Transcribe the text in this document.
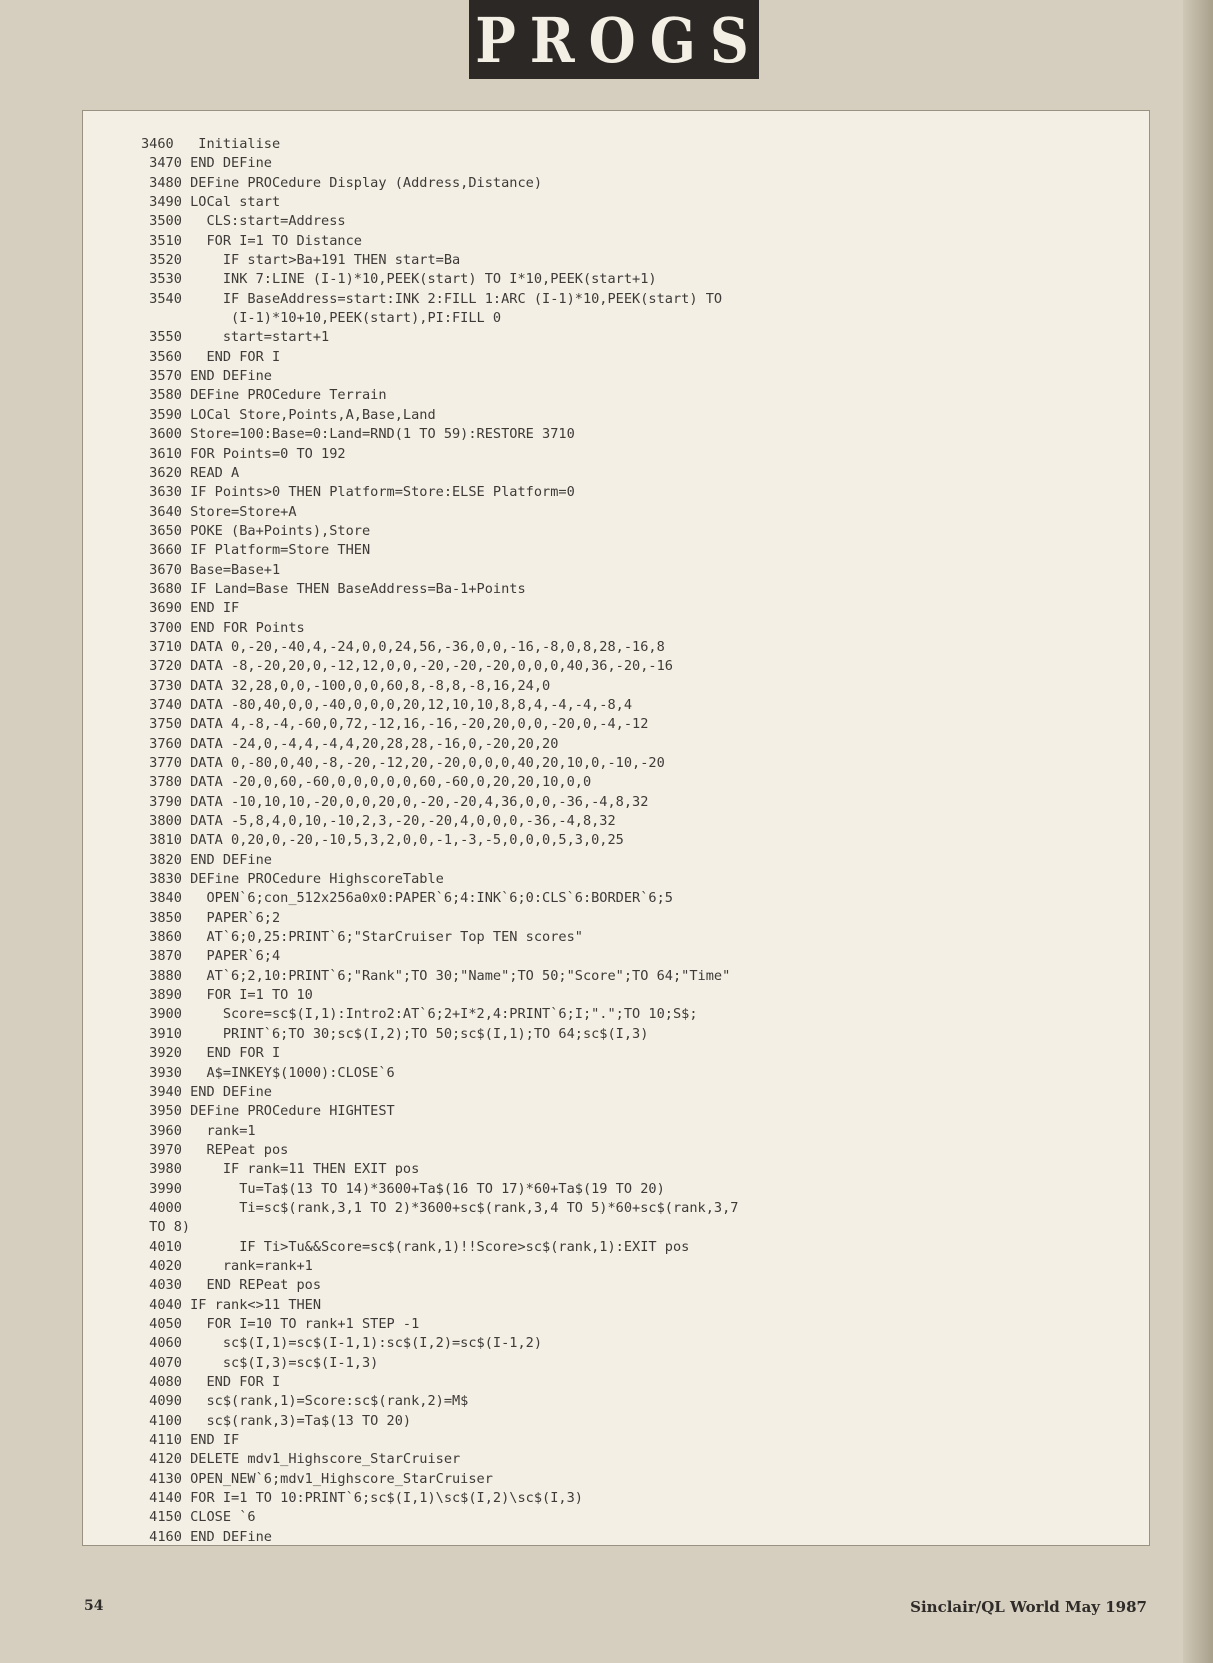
PROGS
3460   Initialise
3470 END DEFine
3480 DEFine PROCedure Display (Address,Distance)
3490 LOCal start
3500   CLS:start=Address
3510   FOR I=1 TO Distance
3520     IF start>Ba+191 THEN start=Ba
3530     INK 7:LINE (I-1)*10,PEEK(start) TO I*10,PEEK(start+1)
3540     IF BaseAddress=start:INK 2:FILL 1:ARC (I-1)*10,PEEK(start) TO
(I-1)*10+10,PEEK(start),PI:FILL 0
3550     start=start+1
3560   END FOR I
3570 END DEFine
3580 DEFine PROCedure Terrain
3590 LOCal Store,Points,A,Base,Land
3600 Store=100:Base=0:Land=RND(1 TO 59):RESTORE 3710
3610 FOR Points=0 TO 192
3620 READ A
3630 IF Points>0 THEN Platform=Store:ELSE Platform=0
3640 Store=Store+A
3650 POKE (Ba+Points),Store
3660 IF Platform=Store THEN
3670 Base=Base+1
3680 IF Land=Base THEN BaseAddress=Ba-1+Points
3690 END IF
3700 END FOR Points
3710 DATA 0,-20,-40,4,-24,0,0,24,56,-36,0,0,-16,-8,0,8,28,-16,8
3720 DATA -8,-20,20,0,-12,12,0,0,-20,-20,-20,0,0,0,40,36,-20,-16
3730 DATA 32,28,0,0,-100,0,0,60,8,-8,8,-8,16,24,0
3740 DATA -80,40,0,0,-40,0,0,0,20,12,10,10,8,8,4,-4,-4,-8,4
3750 DATA 4,-8,-4,-60,0,72,-12,16,-16,-20,20,0,0,-20,0,-4,-12
3760 DATA -24,0,-4,4,-4,4,20,28,28,-16,0,-20,20,20
3770 DATA 0,-80,0,40,-8,-20,-12,20,-20,0,0,0,40,20,10,0,-10,-20
3780 DATA -20,0,60,-60,0,0,0,0,0,60,-60,0,20,20,10,0,0
3790 DATA -10,10,10,-20,0,0,20,0,-20,-20,4,36,0,0,-36,-4,8,32
3800 DATA -5,8,4,0,10,-10,2,3,-20,-20,4,0,0,0,-36,-4,8,32
3810 DATA 0,20,0,-20,-10,5,3,2,0,0,-1,-3,-5,0,0,0,5,3,0,25
3820 END DEFine
3830 DEFine PROCedure HighscoreTable
3840   OPEN`6;con_512x256a0x0:PAPER`6;4:INK`6;0:CLS`6:BORDER`6;5
3850   PAPER`6;2
3860   AT`6;0,25:PRINT`6;"StarCruiser Top TEN scores"
3870   PAPER`6;4
3880   AT`6;2,10:PRINT`6;"Rank";TO 30;"Name";TO 50;"Score";TO 64;"Time"
3890   FOR I=1 TO 10
3900     Score=sc$(I,1):Intro2:AT`6;2+I*2,4:PRINT`6;I;".";TO 10;S$;
3910     PRINT`6;TO 30;sc$(I,2);TO 50;sc$(I,1);TO 64;sc$(I,3)
3920   END FOR I
3930   A$=INKEY$(1000):CLOSE`6
3940 END DEFine
3950 DEFine PROCedure HIGHTEST
3960   rank=1
3970   REPeat pos
3980     IF rank=11 THEN EXIT pos
3990       Tu=Ta$(13 TO 14)*3600+Ta$(16 TO 17)*60+Ta$(19 TO 20)
4000       Ti=sc$(rank,3,1 TO 2)*3600+sc$(rank,3,4 TO 5)*60+sc$(rank,3,7
TO 8)
4010       IF Ti>Tu&&Score=sc$(rank,1)!!Score>sc$(rank,1):EXIT pos
4020     rank=rank+1
4030   END REPeat pos
4040 IF rank<>11 THEN
4050   FOR I=10 TO rank+1 STEP -1
4060     sc$(I,1)=sc$(I-1,1):sc$(I,2)=sc$(I-1,2)
4070     sc$(I,3)=sc$(I-1,3)
4080   END FOR I
4090   sc$(rank,1)=Score:sc$(rank,2)=M$
4100   sc$(rank,3)=Ta$(13 TO 20)
4110 END IF
4120 DELETE mdv1_Highscore_StarCruiser
4130 OPEN_NEW`6;mdv1_Highscore_StarCruiser
4140 FOR I=1 TO 10:PRINT`6;sc$(I,1)\sc$(I,2)\sc$(I,3)
4150 CLOSE `6
4160 END DEFine
54	Sinclair/QL World May 1987
